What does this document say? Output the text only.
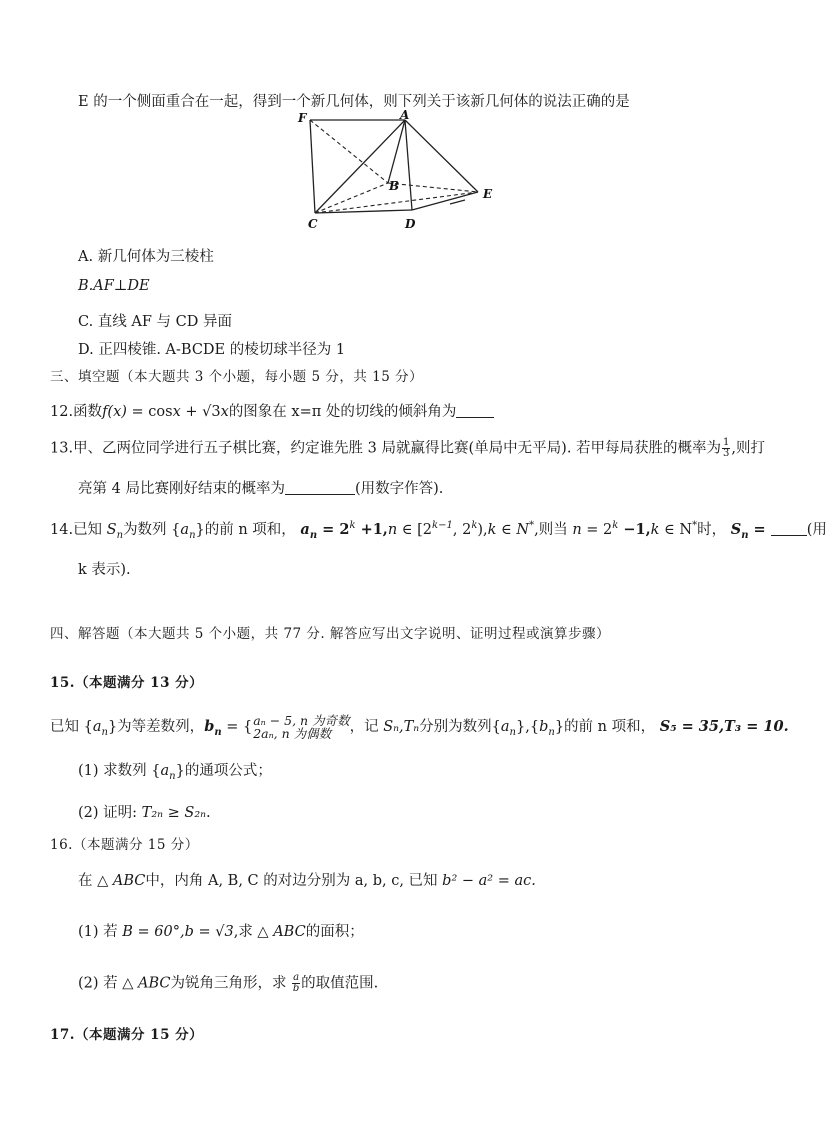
E 的一个侧面重合在一起，得到一个新几何体，则下列关于该新几何体的说法正确的是
F	A
B
C	D
E
A. 新几何体为三棱柱
B.AF⊥DE
C. 直线 AF 与 CD 异面
D. 正四棱锥. A-BCDE 的棱切球半径为 1
三、填空题（本大题共 3 个小题，每小题 5 分，共 15 分）
12.函数f(x) = cosx + √3x的图象在 x=π 处的切线的倾斜角为
13.甲、乙两位同学进行五子棋比赛，约定谁先胜 3 局就赢得比赛(单局中无平局). 若甲每局获胜的概率为 $\frac{1}{3}$ ,则打
亮第 4 局比赛刚好结束的概率为	(用数字作答).
14.已知 $S_n$为数列 $\{a_n\}$的前 n 项和， $a_n = 2^k +1,n$ ∈ [$2^{k-1}$, 2$^k$),k ∈ N*,则当 $n = 2^k -1,k$ ∈ N*时， $S_n$ = (用
k 表示).
四、解答题（本大题共 5 个小题，共 77 分. 解答应写出文字说明、证明过程或演算步骤）
15.（本题满分 13 分）
已知 $\{a_n\}$为等差数列，$b_n$ = { aₙ − 5, n 为奇数
2aₙ, n 为偶数	，记 Sₙ,Tₙ分别为数列$\{a_n\},\{b_n\}$的前 n 项和， S₅ = 35,T₃ = 10.
(1) 求数列 $\{a_n\}$的通项公式；
(2) 证明: T₂ₙ ≥ S₂ₙ.
16.（本题满分 15 分）
在 △ ABC中，内角 A, B, C 的对边分别为 a, b, c, 已知 b² − a² = ac.
(1) 若 B = 60°,b = √3,求 △ ABC的面积；
(2) 若 △ ABC为锐角三角形，求 $\frac{a}{b}$ 的取值范围.
17.（本题满分 15 分）
